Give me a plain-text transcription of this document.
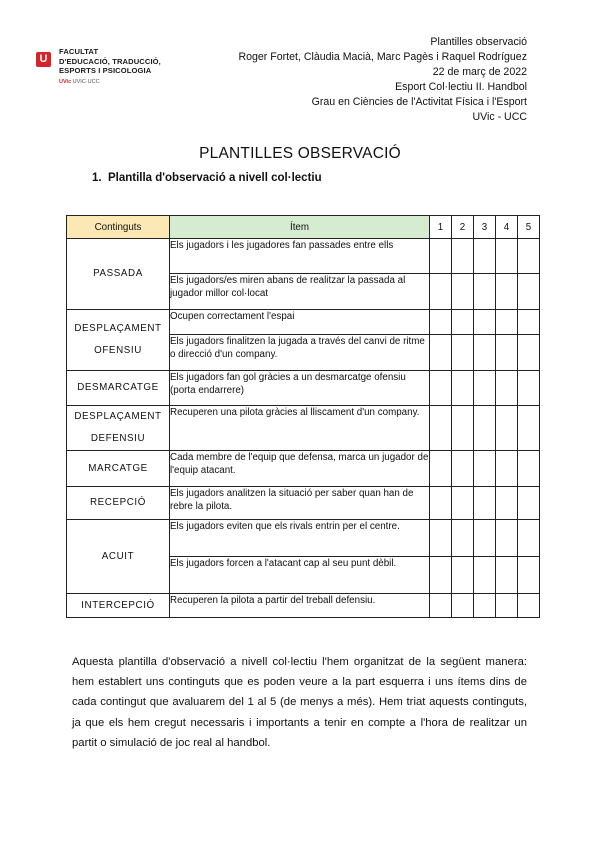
U
FACULTAT
D'EDUCACIÓ, TRADUCCIÓ,
ESPORTS I PSICOLOGIA
UVic UVIC·UCC
Plantilles observació
Roger Fortet, Clàudia Macià, Marc Pagès i Raquel Rodríguez
22 de març de 2022
Esport Col·lectiu II. Handbol
Grau en Ciències de l'Activitat Física i l'Esport
UVic - UCC
PLANTILLES OBSERVACIÓ
1. Plantilla d'observació a nivell col·lectiu
Continguts	Ítem	1	2	3	4	5

PASSADA	Els jugadors i les jugadores fan passades entre ells					
	Els jugadors/es miren abans de realitzar la passada al jugador millor col·locat					

DESPLAÇAMENT
OFENSIU	Ocupen correctament l'espai					
	Els jugadors finalitzen la jugada a través del canvi de ritme o direcció d'un company.					

DESMARCATGE	Els jugadors fan gol gràcies a un desmarcatge ofensiu (porta endarrere)					

DESPLAÇAMENT
DEFENSIU	Recuperen una pilota gràcies al lliscament d'un company.					

MARCATGE	Cada membre de l'equip que defensa, marca un jugador de l'equip atacant.					

RECEPCIÓ	Els jugadors analitzen la situació per saber quan han de rebre la pilota.					

ACUIT	Els jugadors eviten que els rivals entrin per el centre.					
	Els jugadors forcen a l'atacant cap al seu punt dèbil.					

INTERCEPCIÓ	Recuperen la pilota a partir del treball defensiu.					
Aquesta plantilla d'observació a nivell col·lectiu l'hem organitzat de la següent manera: hem establert uns continguts que es poden veure a la part esquerra i uns ítems dins de cada contingut que avaluarem del 1 al 5 (de menys a més). Hem triat aquests continguts, ja que els hem cregut necessaris i importants a tenir en compte a l'hora de realitzar un partit o simulació de joc real al handbol.
